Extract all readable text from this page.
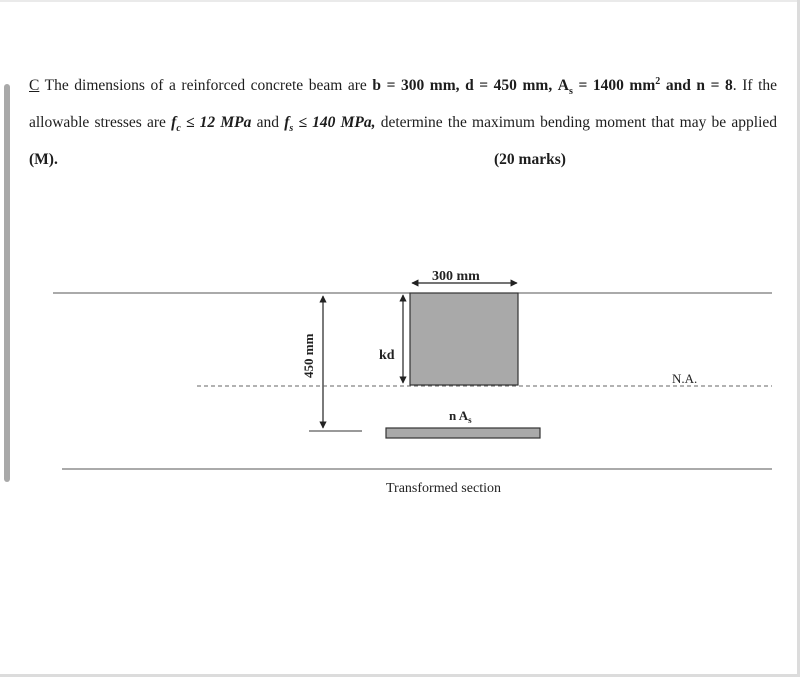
C The dimensions of a reinforced concrete beam are b = 300 mm, d = 450 mm, $A_s = 1400$ $mm^2$ and n = 8. If the
allowable stresses are $f_c \le 12$ MPa and $f_s \le 140$ MPa, determine the maximum bending moment that may be applied
(M).	(20 marks)
300 mm
kd
450 mm
N.A.
n $A_s$
Transformed section
